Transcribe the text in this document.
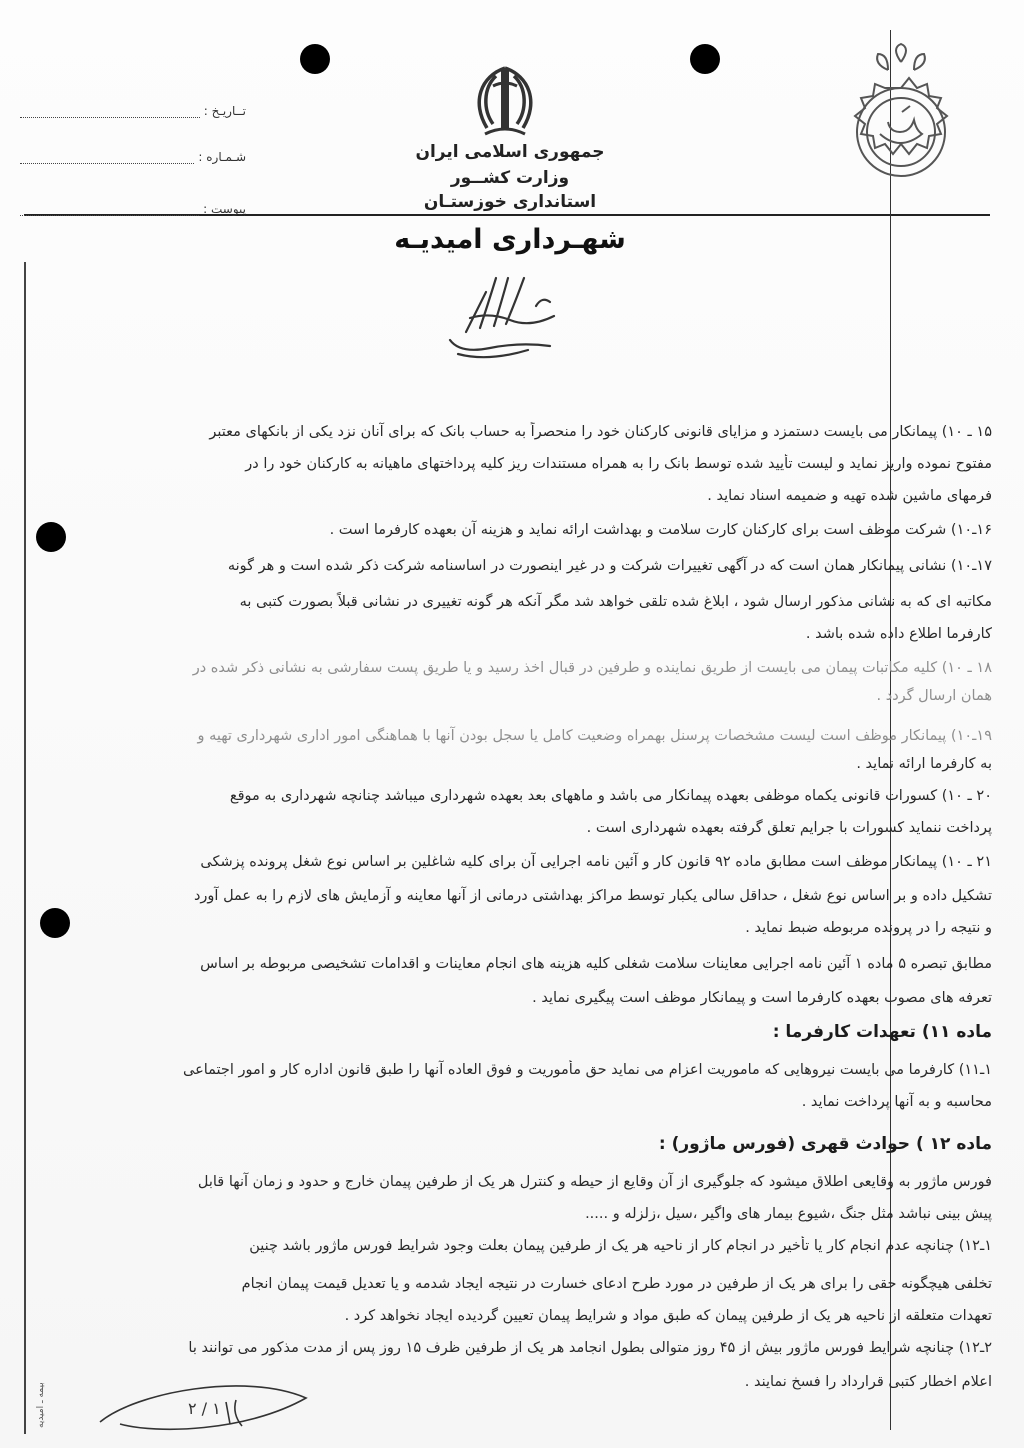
تــاريـخ :
شـمـاره :
پيوست :
جمهوری اسلامی ایران
وزارت کشــور
استانداری خوزستـان
شهـرداری امیدیـه
۱۵ ـ ۱۰) پیمانکار می بایست دستمزد و مزایای قانونی کارکنان خود را منحصراً به حساب بانک که برای آنان نزد یکی از بانکهای معتبر
مفتوح نموده واریز نماید و لیست تأیید شده توسط بانک را به همراه مستندات ریز کلیه پرداختهای ماهیانه به کارکنان خود را در
فرمهای ماشین شده تهیه و ضمیمه اسناد نماید .
۱۶ـ۱۰) شرکت موظف است برای کارکنان کارت سلامت و بهداشت ارائه نماید و هزینه آن بعهده کارفرما است .
۱۷ـ۱۰) نشانی پیمانکار همان است که در آگهی تغییرات شرکت و در غیر اینصورت در اساسنامه شرکت ذکر شده است و هر گونه
مکاتبه ای که به نشانی مذکور ارسال شود ، ابلاغ شده تلقی خواهد شد مگر آنکه هر گونه تغییری در نشانی قبلاً بصورت کتبی به
کارفرما اطلاع داده شده باشد .
۱۸ ـ ۱۰) کلیه مکاتبات پیمان می بایست از طریق نماینده و طرفین در قبال اخذ رسید و یا طریق پست سفارشی به نشانی ذکر شده در
همان ارسال گردد .
۱۹ـ۱۰) پیمانکار موظف است لیست مشخصات پرسنل بهمراه وضعیت کامل یا سجل بودن آنها با هماهنگی امور اداری شهرداری تهیه و
به کارفرما ارائه نماید .
۲۰ ـ ۱۰) کسورات قانونی یکماه موظفی بعهده پیمانکار می باشد و ماههای بعد بعهده شهرداری میباشد چنانچه شهرداری به موقع
پرداخت ننماید کسورات با جرایم تعلق گرفته بعهده شهرداری است .
۲۱ ـ ۱۰) پیمانکار موظف است مطابق ماده ۹۲ قانون کار و آئین نامه اجرایی آن برای کلیه شاغلین بر اساس نوع شغل پرونده پزشکی
تشکیل داده و بر اساس نوع شغل ، حداقل سالی یکبار توسط مراکز بهداشتی درمانی از آنها معاینه و آزمایش های لازم را به عمل آورد
و نتیجه را در پرونده مربوطه ضبط نماید .
مطابق تبصره ۵ ماده ۱ آئین نامه اجرایی معاینات سلامت شغلی کلیه هزینه های انجام معاینات و اقدامات تشخیصی مربوطه بر اساس
تعرفه های مصوب بعهده کارفرما است و پیمانکار موظف است پیگیری نماید .
ماده ۱۱) تعهدات کارفرما :
۱ـ۱۱) کارفرما می بایست نیروهایی که ماموریت اعزام می نماید حق مأموریت و فوق العاده آنها را طبق قانون اداره کار و امور اجتماعی
محاسبه و به آنها پرداخت نماید .
ماده ۱۲ ) حوادث قهری (فورس ماژور) :
فورس ماژور به وقایعی اطلاق میشود که جلوگیری از آن وقایع از حیطه و کنترل هر یک از طرفین پیمان خارج و حدود و زمان آنها قابل
پیش بینی نباشد مثل جنگ ،شیوع بیمار های واگیر ،سیل ،زلزله و .....
۱ـ۱۲) چنانچه عدم انجام کار یا تأخیر در انجام کار از ناحیه هر یک از طرفین پیمان بعلت وجود شرایط فورس ماژور باشد چنین
تخلفی هیچگونه حقی را برای هر یک از طرفین در مورد طرح ادعای خسارت در نتیجه ایجاد شدمه و یا تعدیل قیمت پیمان انجام
تعهدات متعلقه از ناحیه هر یک از طرفین پیمان که طبق مواد و شرایط پیمان تعیین گردیده ایجاد نخواهد کرد .
۲ـ۱۲) چنانچه شرایط فورس ماژور بیش از ۴۵ روز متوالی بطول انجامد هر یک از طرفین ظرف ۱۵ روز پس از مدت مذکور می توانند با
اعلام اخطار کتبی قرارداد را فسخ نمایند .
بیمه ـ امیدیه	۲ / ۱
